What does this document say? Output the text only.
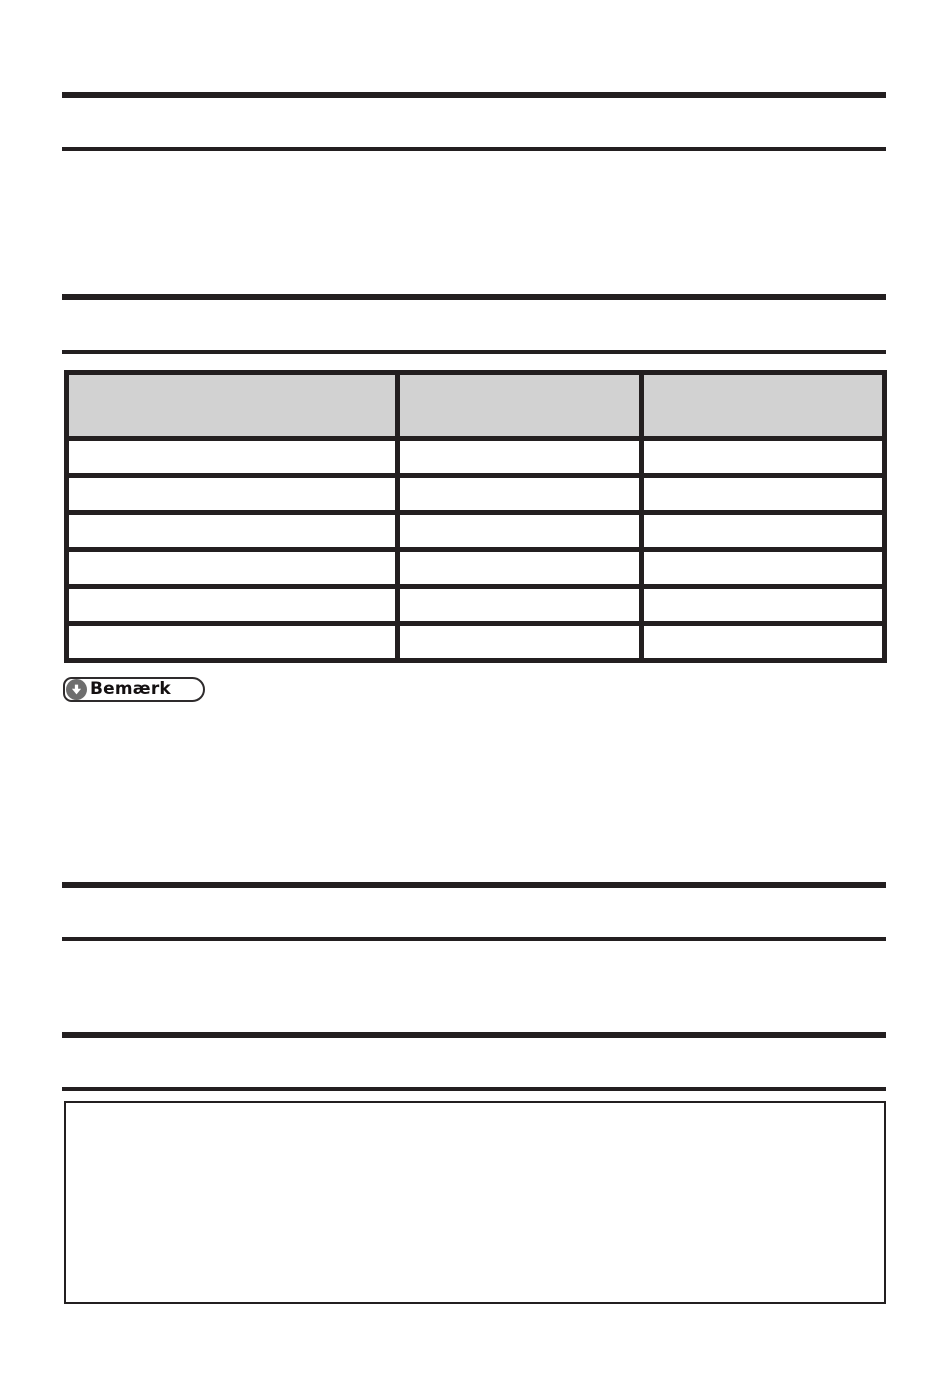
Bemærk
